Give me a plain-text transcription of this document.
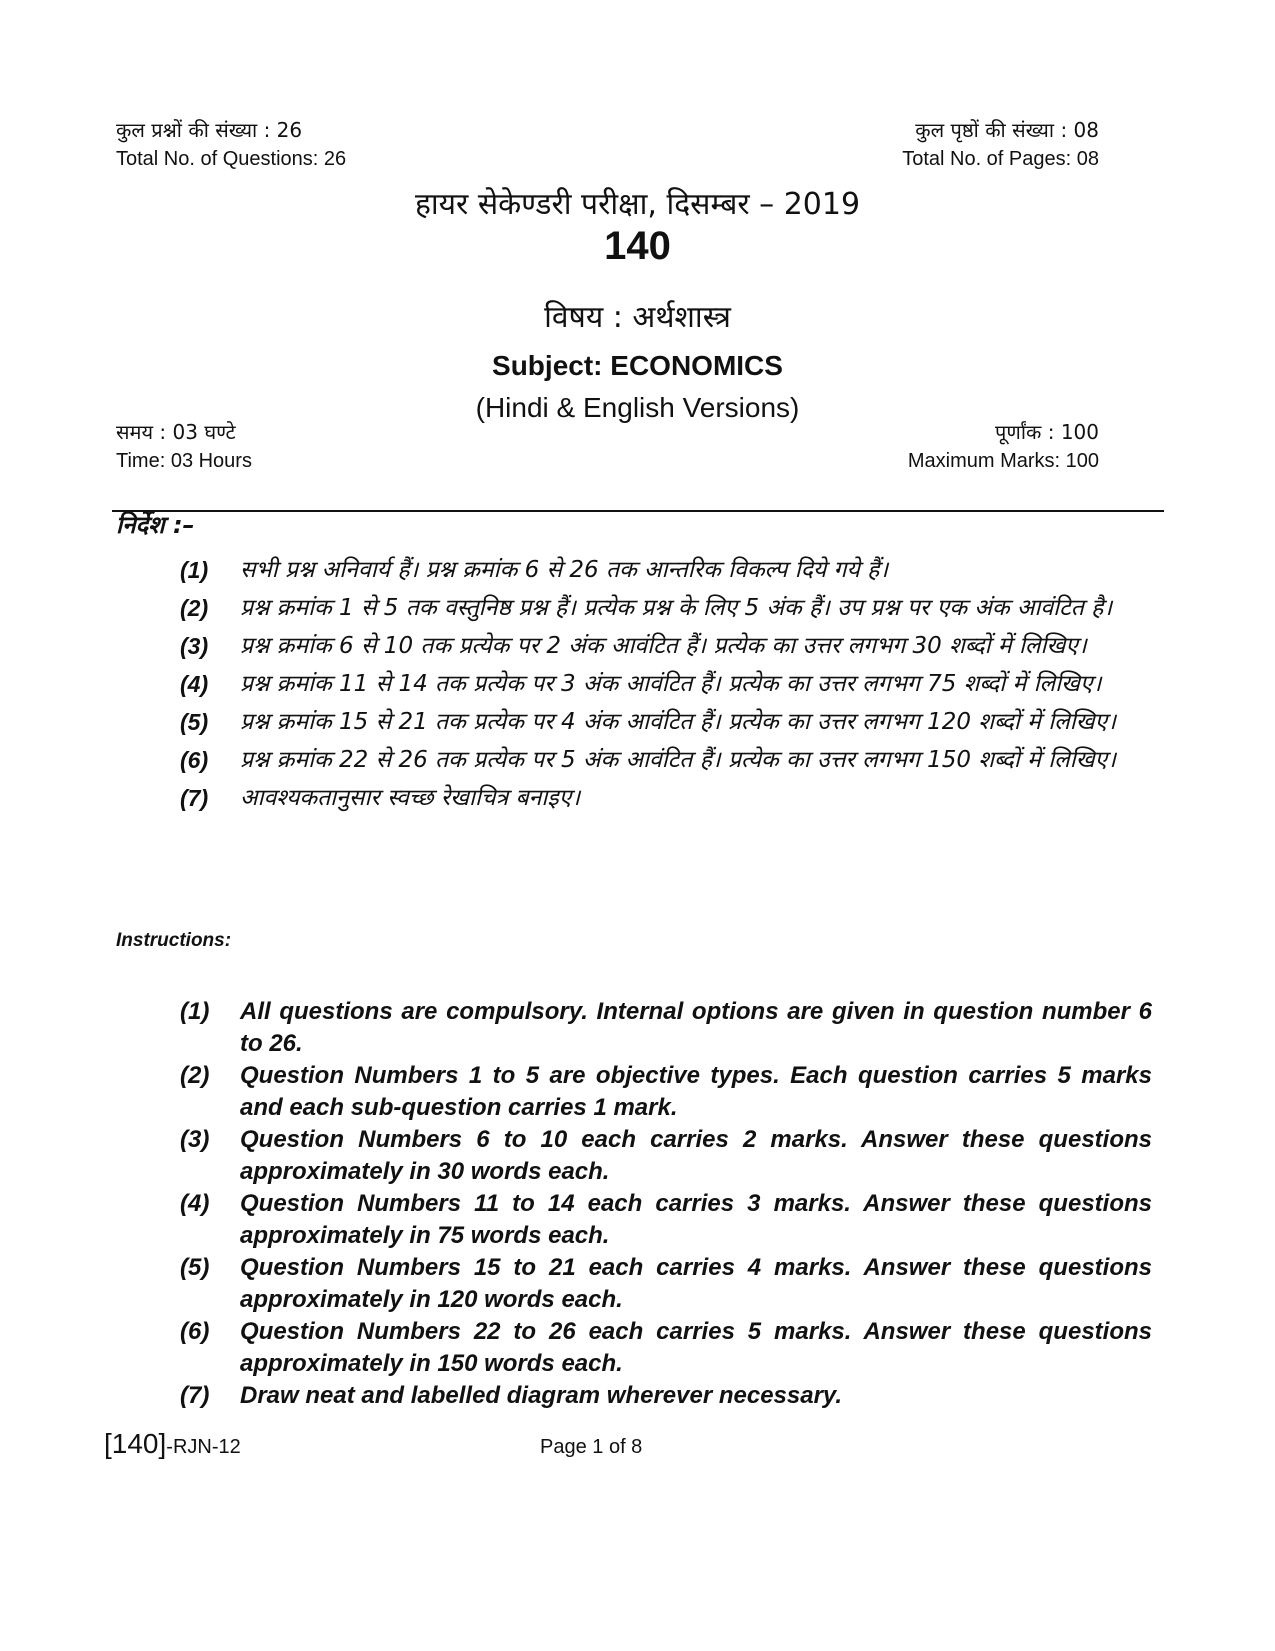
कुल प्रश्नों की संख्या : 26
Total No. of Questions: 26
कुल पृष्ठों की संख्या : 08
Total No. of Pages: 08
हायर सेकेण्डरी परीक्षा, दिसम्बर – 2019
140
विषय : अर्थशास्त्र
Subject: ECONOMICS
(Hindi & English Versions)
समय : 03 घण्टे
Time: 03 Hours
पूर्णांक : 100
Maximum Marks: 100
निर्देश :–
(1) सभी प्रश्न अनिवार्य हैं। प्रश्न क्रमांक 6 से 26 तक आन्तरिक विकल्प दिये गये हैं।
(2) प्रश्न क्रमांक 1 से 5 तक वस्तुनिष्ठ प्रश्न हैं। प्रत्येक प्रश्न के लिए 5 अंक हैं। उप प्रश्न पर एक अंक आवंटित है।
(3) प्रश्न क्रमांक 6 से 10 तक प्रत्येक पर 2 अंक आवंटित हैं। प्रत्येक का उत्तर लगभग 30 शब्दों में लिखिए।
(4) प्रश्न क्रमांक 11 से 14 तक प्रत्येक पर 3 अंक आवंटित हैं। प्रत्येक का उत्तर लगभग 75 शब्दों में लिखिए।
(5) प्रश्न क्रमांक 15 से 21 तक प्रत्येक पर 4 अंक आवंटित हैं। प्रत्येक का उत्तर लगभग 120 शब्दों में लिखिए।
(6) प्रश्न क्रमांक 22 से 26 तक प्रत्येक पर 5 अंक आवंटित हैं। प्रत्येक का उत्तर लगभग 150 शब्दों में लिखिए।
(7) आवश्यकतानुसार स्वच्छ रेखाचित्र बनाइए।
Instructions:
(1) All questions are compulsory. Internal options are given in question number 6 to 26.
(2) Question Numbers 1 to 5 are objective types. Each question carries 5 marks and each sub-question carries 1 mark.
(3) Question Numbers 6 to 10 each carries 2 marks. Answer these questions approximately in 30 words each.
(4) Question Numbers 11 to 14 each carries 3 marks. Answer these questions approximately in 75 words each.
(5) Question Numbers 15 to 21 each carries 4 marks. Answer these questions approximately in 120 words each.
(6) Question Numbers 22 to 26 each carries 5 marks. Answer these questions approximately in 150 words each.
(7) Draw neat and labelled diagram wherever necessary.
[140]-RJN-12	Page 1 of 8
